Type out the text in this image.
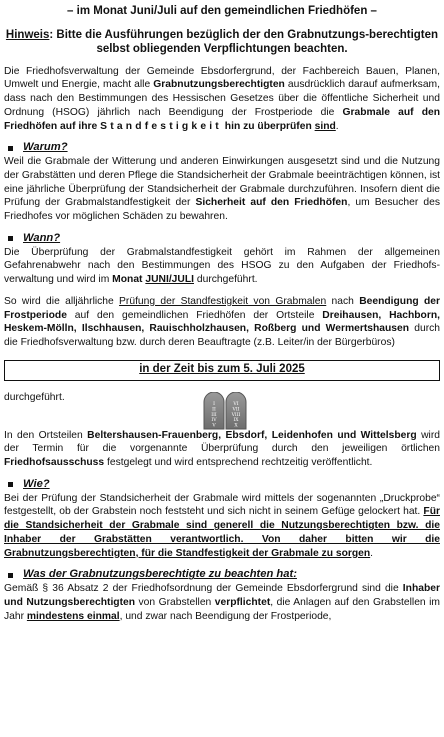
– im Monat Juni/Juli auf den gemeindlichen Friedhöfen –
Hinweis: Bitte die Ausführungen bezüglich der den Grabnutzungs-berechtigten selbst obliegenden Verpflichtungen beachten.

Die Friedhofsverwaltung der Gemeinde Ebsdorfergrund, der Fachbereich Bauen, Planen, Umwelt und Energie, macht alle Grabnutzungsberechtigten ausdrücklich darauf aufmerksam, dass nach den Bestimmungen des Hessischen Gesetzes über die öffentliche Sicherheit und Ordnung (HSOG) jährlich nach Beendigung der Frostperiode die Grabmale auf den Friedhöfen auf ihre Standfestigkeit hin zu überprüfen sind.

Warum?

Weil die Grabmale der Witterung und anderen Einwirkungen ausgesetzt sind und die Nutzung der Grabstätten und deren Pflege die Standsicherheit der Grabmale beeinträchtigen können, ist eine jährliche Überprüfung der Standsicherheit der Grabmale durchzuführen. Insofern dient die Prüfung der Grabmalstandfestigkeit der Sicherheit auf den Friedhöfen, um Besucher des Friedhofes vor möglichen Schäden zu bewahren.

Wann?

Die Überprüfung der Grabmalstandfestigkeit gehört im Rahmen der allgemeinen Gefahrenabwehr nach den Bestimmungen des HSOG zu den Aufgaben der Friedhofs-verwaltung und wird im Monat JUNI/JULI durchgeführt.

So wird die alljährliche Prüfung der Standfestigkeit von Grabmalen nach Beendigung der Frostperiode auf den gemeindlichen Friedhöfen der Ortsteile Dreihausen, Hachborn, Heskem-Mölln, Ilschhausen, Rauischholzhausen, Roßberg und Wermertshausen durch die Friedhofsverwaltung bzw. durch deren Beauftragte (z.B. Leiter/in der Bürgerbüros)

in der Zeit bis zum 5. Juli 2025
durchgeführt.
I
II
III
IV
V
VI
VII
VIII
IX
X

In den Ortsteilen Beltershausen-Frauenberg, Ebsdorf, Leidenhofen und Wittelsberg wird der Termin für die vorgenannte Überprüfung durch den jeweiligen örtlichen Friedhofsausschuss festgelegt und wird entsprechend rechtzeitig veröffentlicht.

Wie?

Bei der Prüfung der Standsicherheit der Grabmale wird mittels der sogenannten „Druckprobe“ festgestellt, ob der Grabstein noch feststeht und sich nicht in seinem Gefüge gelockert hat. Für die Standsicherheit der Grabmale sind generell die Nutzungsberechtigten bzw. die Inhaber der Grabstätten verantwortlich. Von daher bitten wir die Grabnutzungsberechtigten, für die Standfestigkeit der Grabmale zu sorgen.

Was der Grabnutzungsberechtigte zu beachten hat:

Gemäß § 36 Absatz 2 der Friedhofsordnung der Gemeinde Ebsdorfergrund sind die Inhaber und Nutzungsberechtigten von Grabstellen verpflichtet, die Anlagen auf den Grabstellen im Jahr mindestens einmal, und zwar nach Beendigung der Frostperiode,
